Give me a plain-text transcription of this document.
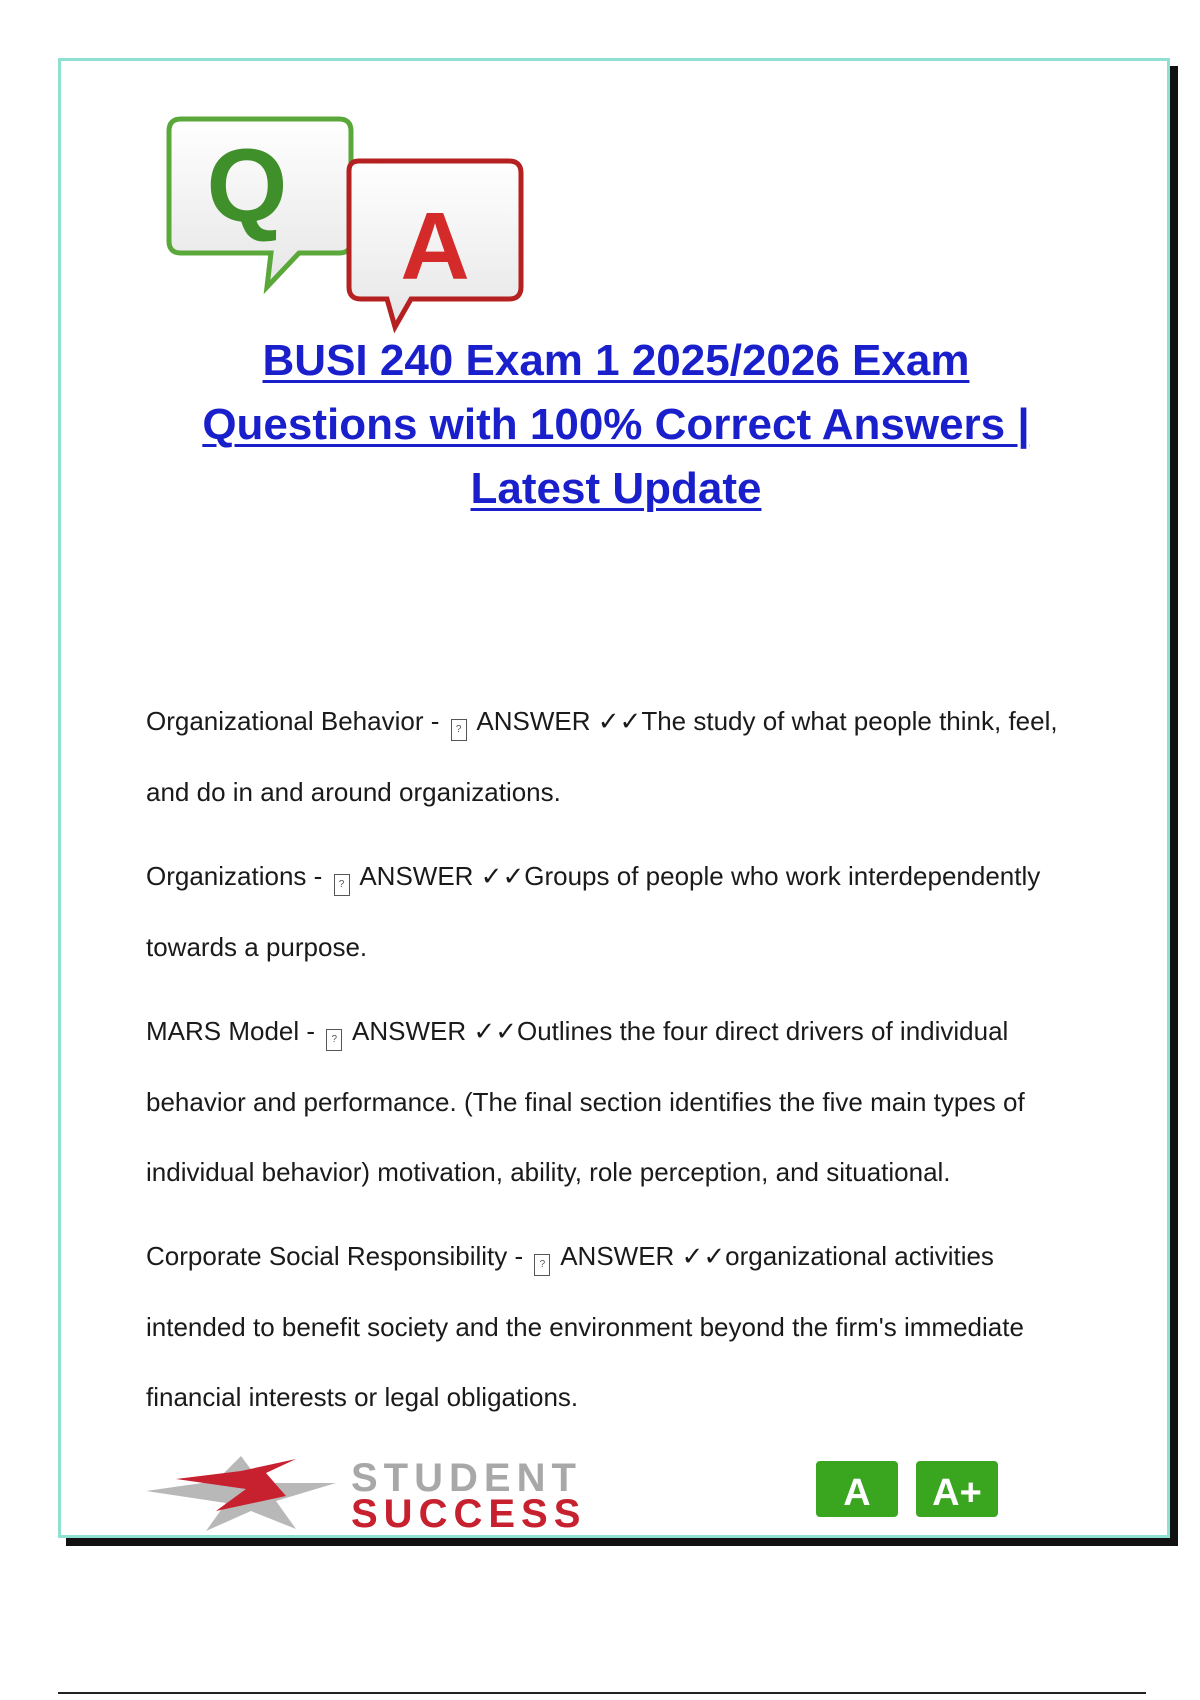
Q
A
BUSI 240 Exam 1 2025/2026 Exam
Questions with 100% Correct Answers |
Latest Update

Organizational Behavior - ? ANSWER ✓✓The study of what people think, feel, and do in and around organizations.

Organizations - ? ANSWER ✓✓Groups of people who work interdependently towards a purpose.

MARS Model - ? ANSWER ✓✓Outlines the four direct drivers of individual behavior and performance. (The final section identifies the five main types of individual behavior) motivation, ability, role perception, and situational.

Corporate Social Responsibility - ? ANSWER ✓✓organizational activities intended to benefit society and the environment beyond the firm's immediate financial interests or legal obligations.

STUDENT
SUCCESS	A A+
